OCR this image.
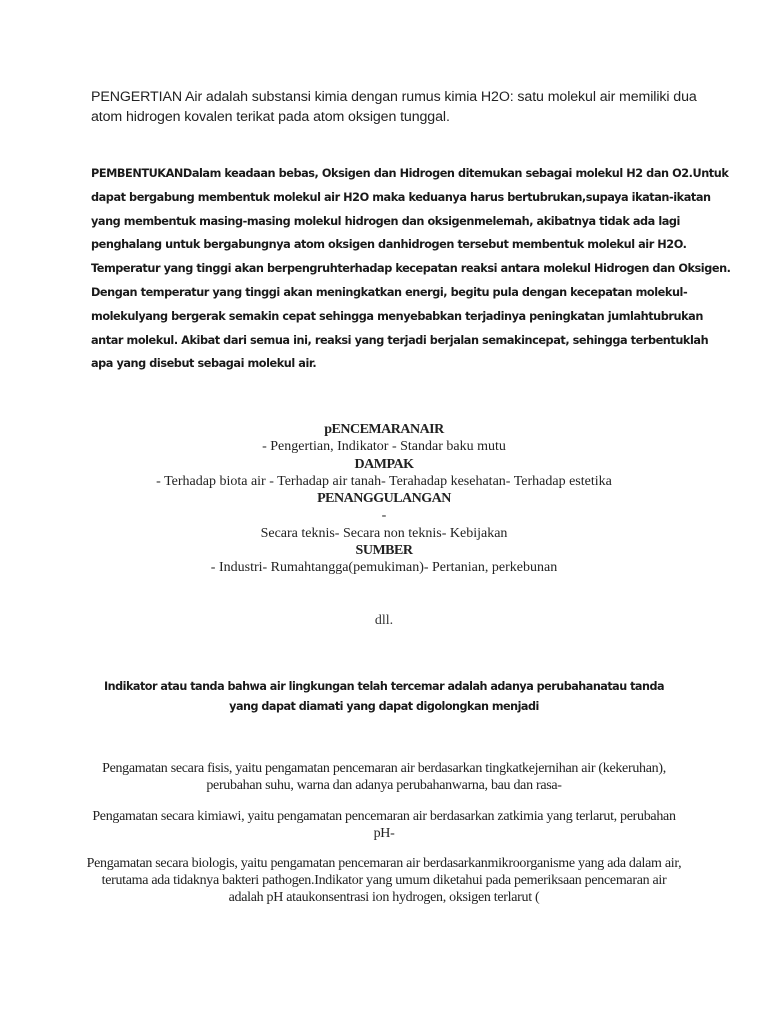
PENGERTIAN Air adalah substansi kimia dengan rumus kimia H2O: satu molekul air memiliki dua atom hidrogen kovalen terikat pada atom oksigen tunggal.

PEMBENTUKANDalam keadaan bebas, Oksigen dan Hidrogen ditemukan sebagai molekul H2 dan O2.Untuk dapat bergabung membentuk molekul air H2O maka keduanya harus bertubrukan,supaya ikatan-ikatan yang membentuk masing-masing molekul hidrogen dan oksigenmelemah, akibatnya tidak ada lagi penghalang untuk bergabungnya atom oksigen danhidrogen tersebut membentuk molekul air H2O. Temperatur yang tinggi akan berpengruhterhadap kecepatan reaksi antara molekul Hidrogen dan Oksigen. Dengan temperatur yang tinggi akan meningkatkan energi, begitu pula dengan kecepatan molekul-molekulyang bergerak semakin cepat sehingga menyebabkan terjadinya peningkatan jumlahtubrukan antar molekul. Akibat dari semua ini, reaksi yang terjadi berjalan semakincepat, sehingga terbentuklah apa yang disebut sebagai molekul air.

pENCEMARANAIR
- Pengertian, Indikator - Standar baku mutu
DAMPAK
- Terhadap biota air - Terhadap air tanah- Terahadap kesehatan- Terhadap estetika
PENANGGULANGAN
-
Secara teknis- Secara non teknis- Kebijakan
SUMBER
- Industri- Rumahtangga(pemukiman)- Pertanian, perkebunan
dll.

Indikator atau tanda bahwa air lingkungan telah tercemar adalah adanya perubahanatau tanda yang dapat diamati yang dapat digolongkan menjadi

Pengamatan secara fisis, yaitu pengamatan pencemaran air berdasarkan tingkatkejernihan air (kekeruhan), perubahan suhu, warna dan adanya perubahanwarna, bau dan rasa-

Pengamatan secara kimiawi, yaitu pengamatan pencemaran air berdasarkan zatkimia yang terlarut, perubahan pH-

Pengamatan secara biologis, yaitu pengamatan pencemaran air berdasarkanmikroorganisme yang ada dalam air, terutama ada tidaknya bakteri pathogen.Indikator yang umum diketahui pada pemeriksaan pencemaran air adalah pH ataukonsentrasi ion hydrogen, oksigen terlarut (
